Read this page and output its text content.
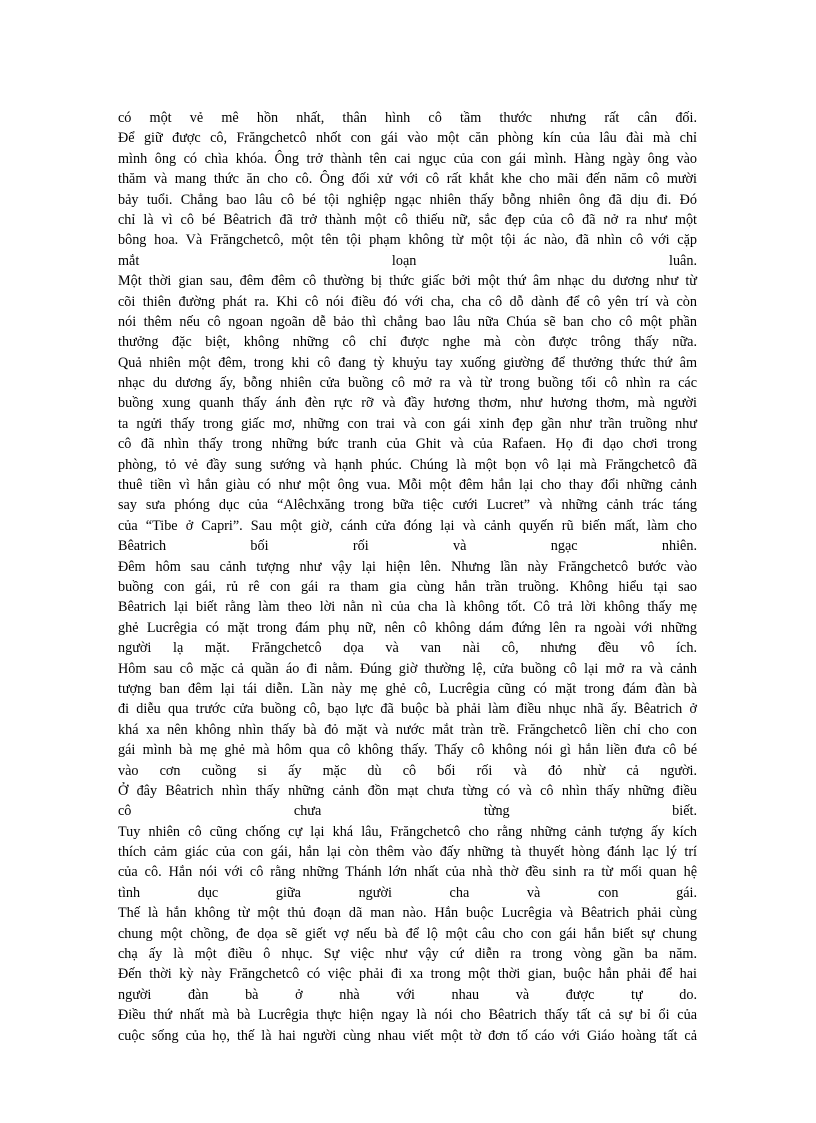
có một vẻ mê hồn nhất, thân hình cô tầm thước nhưng rất cân đối.
Để giữ được cô, Frăngchetcô nhốt con gái vào một căn phòng kín của lâu đài mà chỉ
mình ông có chìa khóa. Ông trở thành tên cai ngục của con gái mình. Hàng ngày ông vào
thăm và mang thức ăn cho cô. Ông đối xử với cô rất khắt khe cho mãi đến năm cô mười
bảy tuổi. Chẳng bao lâu cô bé tội nghiệp ngạc nhiên thấy bỗng nhiên ông đã dịu đi. Đó
chỉ là vì cô bé Bêatrich đã trở thành một cô thiếu nữ, sắc đẹp của cô đã nở ra như một
bông hoa. Và Frăngchetcô, một tên tội phạm không từ một tội ác nào, đã nhìn cô với cặp
mắt loạn luân.
Một thời gian sau, đêm đêm cô thường bị thức giấc bởi một thứ âm nhạc du dương như từ
cõi thiên đường phát ra. Khi cô nói điều đó với cha, cha cô dỗ dành để cô yên trí và còn
nói thêm nếu cô ngoan ngoãn dễ bảo thì chẳng bao lâu nữa Chúa sẽ ban cho cô một phần
thưởng đặc biệt, không những cô chỉ được nghe mà còn được trông thấy nữa.
Quả nhiên một đêm, trong khi cô đang tỳ khuỷu tay xuống giường để thưởng thức thứ âm
nhạc du dương ấy, bỗng nhiên cửa buồng cô mở ra và từ trong buồng tối cô nhìn ra các
buồng xung quanh thấy ánh đèn rực rỡ và đầy hương thơm, như hương thơm, mà người
ta ngửi thấy trong giấc mơ, những con trai và con gái xinh đẹp gần như trần truồng như
cô đã nhìn thấy trong những bức tranh của Ghit và của Rafaen. Họ đi dạo chơi trong
phòng, tỏ vẻ đầy sung sướng và hạnh phúc. Chúng là một bọn vô lại mà Frăngchetcô đã
thuê tiền vì hắn giàu có như một ông vua. Mỗi một đêm hắn lại cho thay đổi những cảnh
say sưa phóng dục của “Alêchxăng trong bữa tiệc cưới Lucret” và những cảnh trác táng
của “Tibe ở Capri”. Sau một giờ, cánh cửa đóng lại và cảnh quyến rũ biến mất, làm cho
Bêatrich bối rối và ngạc nhiên.
Đêm hôm sau cảnh tượng như vậy lại hiện lên. Nhưng lần này Frăngchetcô bước vào
buồng con gái, rủ rê con gái ra tham gia cùng hắn trần truồng. Không hiểu tại sao
Bêatrich lại biết rằng làm theo lời nằn nì của cha là không tốt. Cô trả lời không thấy mẹ
ghẻ Lucrêgia có mặt trong đám phụ nữ, nên cô không dám đứng lên ra ngoài với những
người lạ mặt. Frăngchetcô dọa và van nài cô, nhưng đều vô ích.
Hôm sau cô mặc cả quần áo đi nằm. Đúng giờ thường lệ, cửa buồng cô lại mở ra và cảnh
tượng ban đêm lại tái diễn. Lần này mẹ ghẻ cô, Lucrêgia cũng có mặt trong đám đàn bà
đi diễu qua trước cửa buồng cô, bạo lực đã buộc bà phải làm điều nhục nhã ấy. Bêatrich ở
khá xa nên không nhìn thấy bà đỏ mặt và nước mắt tràn trề. Frăngchetcô liền chỉ cho con
gái mình bà mẹ ghẻ mà hôm qua cô không thấy. Thấy cô không nói gì hắn liền đưa cô bé
vào cơn cuồng si ấy mặc dù cô bối rối và đỏ nhừ cả người.
Ở đây Bêatrich nhìn thấy những cảnh đồn mạt chưa từng có và cô nhìn thấy những điều
cô chưa từng biết.
Tuy nhiên cô cũng chống cự lại khá lâu, Frăngchetcô cho rằng những cảnh tượng ấy kích
thích cảm giác của con gái, hắn lại còn thêm vào đấy những tà thuyết hòng đánh lạc lý trí
của cô. Hắn nói với cô rằng những Thánh lớn nhất của nhà thờ đều sinh ra từ mối quan hệ
tình dục giữa người cha và con gái.
Thế là hắn không từ một thủ đoạn dã man nào. Hắn buộc Lucrêgia và Bêatrich phải cùng
chung một chồng, đe dọa sẽ giết vợ nếu bà để lộ một câu cho con gái hắn biết sự chung
chạ ấy là một điều ô nhục. Sự việc như vậy cứ diễn ra trong vòng gần ba năm.
Đến thời kỳ này Frăngchetcô có việc phải đi xa trong một thời gian, buộc hắn phải để hai
người đàn bà ở nhà với nhau và được tự do.
Điều thứ nhất mà bà Lucrêgia thực hiện ngay là nói cho Bêatrich thấy tất cả sự bỉ ổi của
cuộc sống của họ, thế là hai người cùng nhau viết một tờ đơn tố cáo với Giáo hoàng tất cả
